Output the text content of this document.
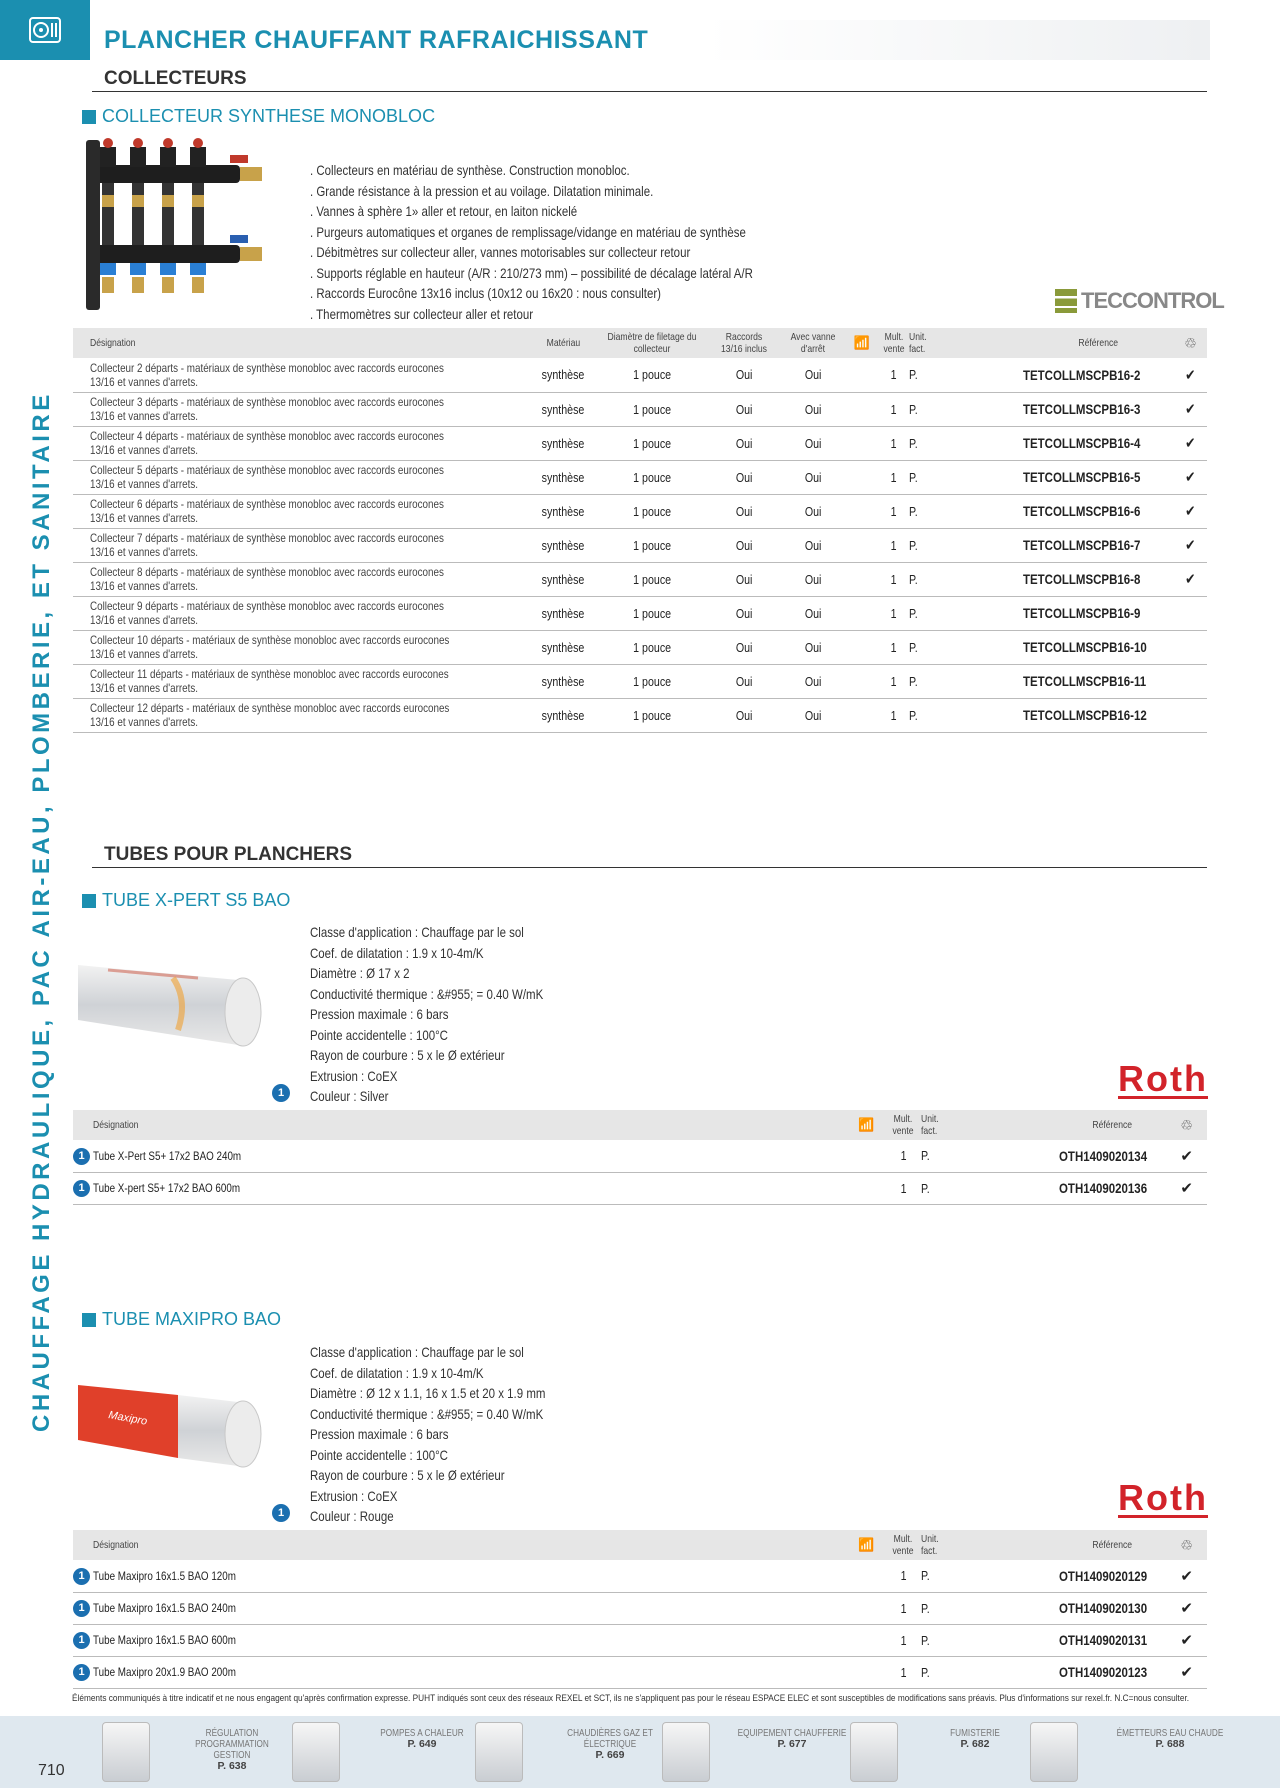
PLANCHER CHAUFFANT RAFRAICHISSANT
CHAUFFAGE HYDRAULIQUE, PAC AIR-EAU, PLOMBERIE, ET SANITAIRE
COLLECTEURS
COLLECTEUR SYNTHESE MONOBLOC
. Collecteurs en matériau de synthèse. Construction monobloc.
. Grande résistance à la pression et au voilage. Dilatation minimale.
. Vannes à sphère 1» aller et retour, en laiton nickelé
. Purgeurs automatiques et organes de remplissage/vidange en matériau de synthèse
. Débitmètres sur collecteur aller, vannes motorisables sur collecteur retour
. Supports réglable en hauteur (A/R : 210/273 mm) – possibilité de décalage latéral A/R
. Raccords Eurocône 13x16 inclus (10x12 ou 16x20 : nous consulter)
. Thermomètres sur collecteur aller et retour
TECCONTROL
Désignation	Matériau	Diamètre de filetage du collecteur	Raccords 13/16 inclus	Avec vanne d'arrêt	📶	Mult. vente	Unit. fact.		Référence	♲
Collecteur 2 départs - matériaux de synthèse monobloc avec raccords eurocones 13/16 et vannes d'arrets.	synthèse	1 pouce	Oui	Oui		1	P.		TETCOLLMSCPB16-2	✔
Collecteur 3 départs - matériaux de synthèse monobloc avec raccords eurocones 13/16 et vannes d'arrets.	synthèse	1 pouce	Oui	Oui		1	P.		TETCOLLMSCPB16-3	✔
Collecteur 4 départs - matériaux de synthèse monobloc avec raccords eurocones 13/16 et vannes d'arrets.	synthèse	1 pouce	Oui	Oui		1	P.		TETCOLLMSCPB16-4	✔
Collecteur 5 départs - matériaux de synthèse monobloc avec raccords eurocones 13/16 et vannes d'arrets.	synthèse	1 pouce	Oui	Oui		1	P.		TETCOLLMSCPB16-5	✔
Collecteur 6 départs - matériaux de synthèse monobloc avec raccords eurocones 13/16 et vannes d'arrets.	synthèse	1 pouce	Oui	Oui		1	P.		TETCOLLMSCPB16-6	✔
Collecteur 7 départs - matériaux de synthèse monobloc avec raccords eurocones 13/16 et vannes d'arrets.	synthèse	1 pouce	Oui	Oui		1	P.		TETCOLLMSCPB16-7	✔
Collecteur 8 départs - matériaux de synthèse monobloc avec raccords eurocones 13/16 et vannes d'arrets.	synthèse	1 pouce	Oui	Oui		1	P.		TETCOLLMSCPB16-8	✔
Collecteur 9 départs - matériaux de synthèse monobloc avec raccords eurocones 13/16 et vannes d'arrets.	synthèse	1 pouce	Oui	Oui		1	P.		TETCOLLMSCPB16-9	
Collecteur 10 départs - matériaux de synthèse monobloc avec raccords eurocones 13/16 et vannes d'arrets.	synthèse	1 pouce	Oui	Oui		1	P.		TETCOLLMSCPB16-10	
Collecteur 11 départs - matériaux de synthèse monobloc avec raccords eurocones 13/16 et vannes d'arrets.	synthèse	1 pouce	Oui	Oui		1	P.		TETCOLLMSCPB16-11	
Collecteur 12 départs - matériaux de synthèse monobloc avec raccords eurocones 13/16 et vannes d'arrets.	synthèse	1 pouce	Oui	Oui		1	P.		TETCOLLMSCPB16-12	
TUBES POUR PLANCHERS
TUBE X-PERT S5 BAO
1
Classe d'application : Chauffage par le sol
Coef. de dilatation : 1.9 x 10-4m/K
Diamètre : Ø 17 x 2
Conductivité thermique : &#955; = 0.40 W/mK
Pression maximale : 6 bars
Pointe accidentelle : 100°C
Rayon de courbure : 5 x le Ø extérieur
Extrusion : CoEX
Couleur : Silver	Roth
	Désignation	📶	Mult. vente	Unit. fact.		Référence	♲
1	Tube X-Pert S5+ 17x2 BAO 240m		1	P.		OTH1409020134	✔
1	Tube X-pert S5+ 17x2 BAO 600m		1	P.		OTH1409020136	✔
TUBE MAXIPRO BAO
Maxipro
1
Classe d'application : Chauffage par le sol
Coef. de dilatation : 1.9 x 10-4m/K
Diamètre : Ø 12 x 1.1, 16 x 1.5 et 20 x 1.9 mm
Conductivité thermique : &#955; = 0.40 W/mK
Pression maximale : 6 bars
Pointe accidentelle : 100°C
Rayon de courbure : 5 x le Ø extérieur
Extrusion : CoEX
Couleur : Rouge	Roth
	Désignation	📶	Mult. vente	Unit. fact.		Référence	♲
1	Tube Maxipro 16x1.5 BAO 120m		1	P.		OTH1409020129	✔
1	Tube Maxipro 16x1.5 BAO 240m		1	P.		OTH1409020130	✔
1	Tube Maxipro 16x1.5 BAO 600m		1	P.		OTH1409020131	✔
1	Tube Maxipro 20x1.9 BAO 200m		1	P.		OTH1409020123	✔
Éléments communiqués à titre indicatif et ne nous engagent qu'après confirmation expresse. PUHT indiqués sont ceux des réseaux REXEL et SCT, ils ne s'appliquent pas pour le réseau ESPACE ELEC et sont susceptibles de modifications sans préavis. Plus d'informations sur rexel.fr. N.C=nous consulter.
RÉGULATION PROGRAMMATION GESTION
P. 638
POMPES A CHALEUR
P. 649
CHAUDIÈRES GAZ ET ÉLECTRIQUE
P. 669
EQUIPEMENT CHAUFFERIE
P. 677
FUMISTERIE
P. 682
ÉMETTEURS EAU CHAUDE
P. 688
710
